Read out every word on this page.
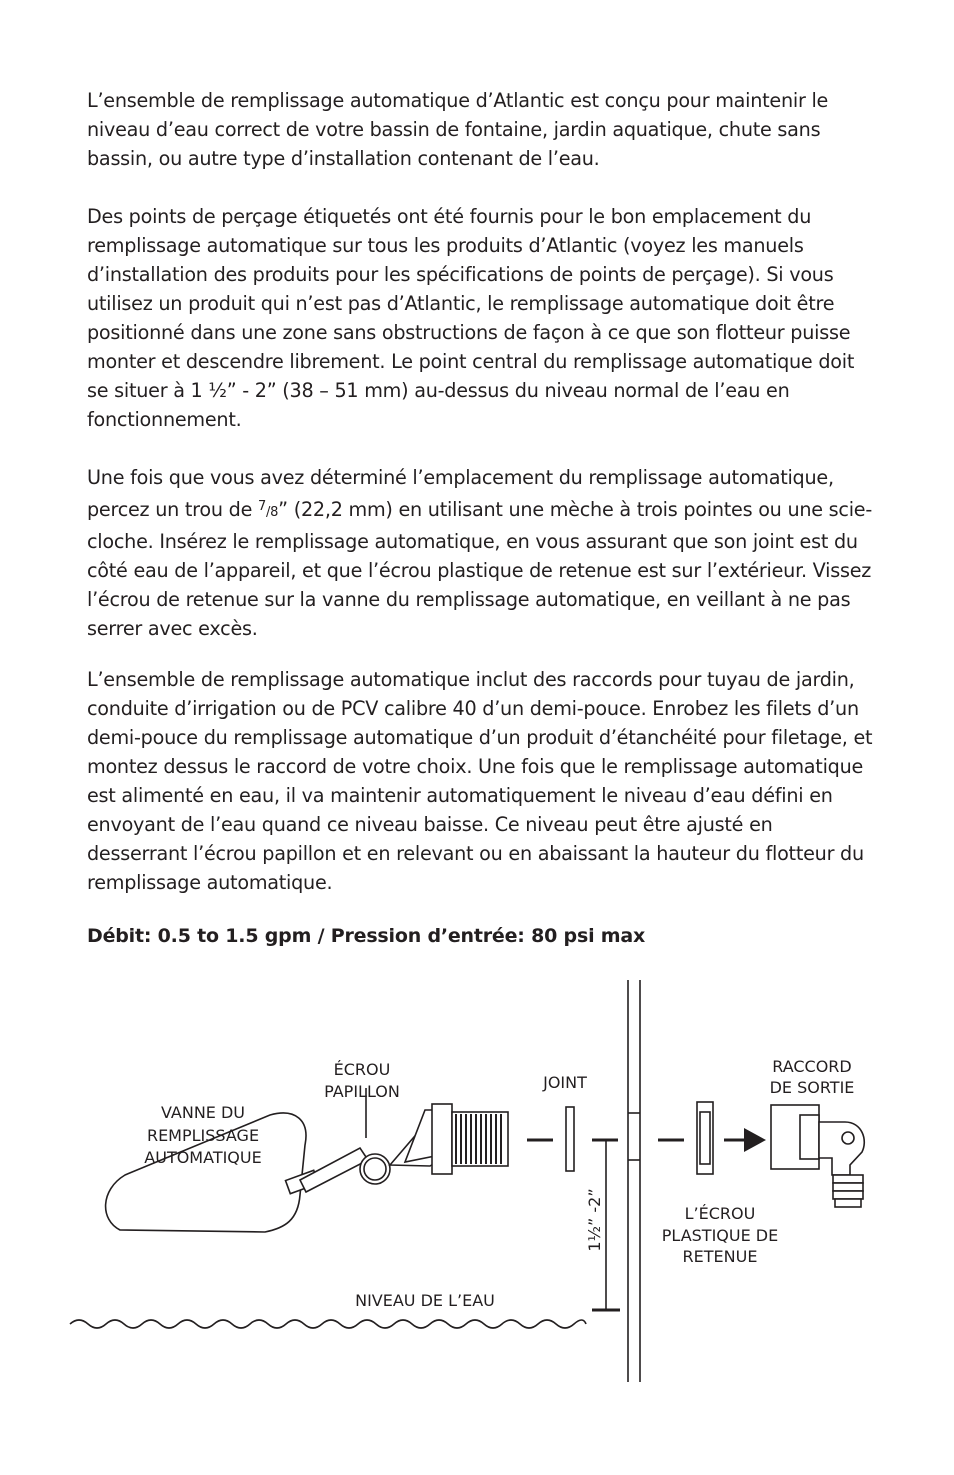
L’ensemble de remplissage automatique d’Atlantic est conçu pour maintenir le niveau d’eau correct de votre bassin de fontaine, jardin aquatique, chute sans bassin, ou autre type d’installation contenant de l’eau.

Des points de perçage étiquetés ont été fournis pour le bon emplacement du remplissage automatique sur tous les produits d’Atlantic (voyez les manuels d’installation des produits pour les spécifications de points de perçage). Si vous utilisez un produit qui n’est pas d’Atlantic, le remplissage automatique doit être positionné dans une zone sans obstructions de façon à ce que son flotteur puisse monter et descendre librement. Le point central du remplissage automatique doit se situer à 1 ½” - 2” (38 – 51 mm) au-dessus du niveau normal de l’eau en fonctionnement.

Une fois que vous avez déterminé l’emplacement du remplissage automatique, percez un trou de $^7$/8” (22,2 mm) en utilisant une mèche à trois pointes ou une scie-cloche. Insérez le remplissage automatique, en vous assurant que son joint est du côté eau de l’appareil, et que l’écrou plastique de retenue est sur l’extérieur. Vissez l’écrou de retenue sur la vanne du remplissage automatique, en veillant à ne pas serrer avec excès.

L’ensemble de remplissage automatique inclut des raccords pour tuyau de jardin, conduite d’irrigation ou de PCV calibre 40 d’un demi-pouce. Enrobez les filets d’un demi-pouce du remplissage automatique d’un produit d’étanchéité pour filetage, et montez dessus le raccord de votre choix. Une fois que le remplissage automatique est alimenté en eau, il va maintenir automatiquement le niveau d’eau défini en envoyant de l’eau quand ce niveau baisse. Ce niveau peut être ajusté en desserrant l’écrou papillon et en relevant ou en abaissant la hauteur du flotteur du remplissage automatique.

Débit: 0.5 to 1.5 gpm / Pression d’entrée: 80 psi max

VANNE DU
REMPLISSAGE
AUTOMATIQUE
ÉCROU
PAPILLON	JOINT
RACCORD
DE SORTIE
L’ÉCROU
PLASTIQUE DE
RETENUE
NIVEAU DE L’EAU
1½” -2”
